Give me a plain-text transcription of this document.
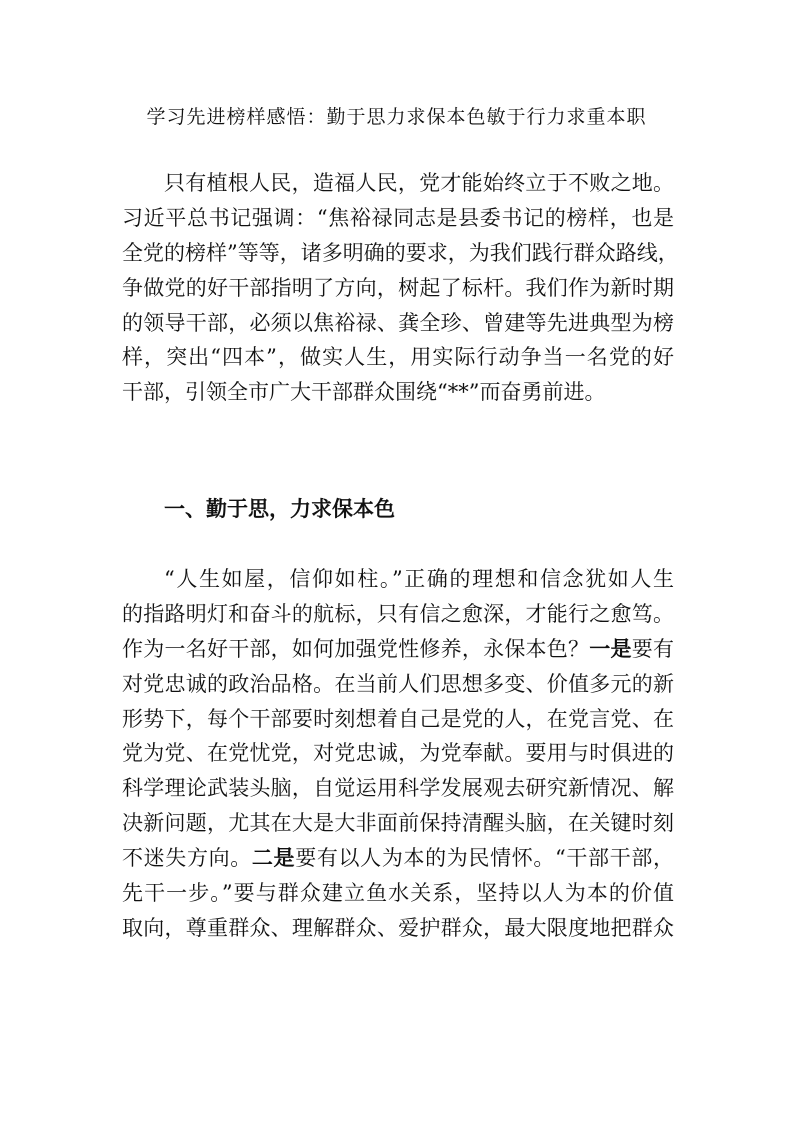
学习先进榜样感悟：勤于思力求保本色敏于行力求重本职
只有植根人民，造福人民，党才能始终立于不败之地。
习近平总书记强调：“焦裕禄同志是县委书记的榜样，也是
全党的榜样”等等，诸多明确的要求，为我们践行群众路线，
争做党的好干部指明了方向，树起了标杆。我们作为新时期
的领导干部，必须以焦裕禄、龚全珍、曾建等先进典型为榜
样，突出“四本”，做实人生，用实际行动争当一名党的好
干部，引领全市广大干部群众围绕“**”而奋勇前进。
一、勤于思，力求保本色
“人生如屋，信仰如柱。”正确的理想和信念犹如人生
的指路明灯和奋斗的航标，只有信之愈深，才能行之愈笃。
作为一名好干部，如何加强党性修养，永保本色？一是要有
对党忠诚的政治品格。在当前人们思想多变、价值多元的新
形势下，每个干部要时刻想着自己是党的人，在党言党、在
党为党、在党忧党，对党忠诚，为党奉献。要用与时俱进的
科学理论武装头脑，自觉运用科学发展观去研究新情况、解
决新问题，尤其在大是大非面前保持清醒头脑，在关键时刻
不迷失方向。二是要有以人为本的为民情怀。“干部干部，
先干一步。”要与群众建立鱼水关系，坚持以人为本的价值
取向，尊重群众、理解群众、爱护群众，最大限度地把群众
